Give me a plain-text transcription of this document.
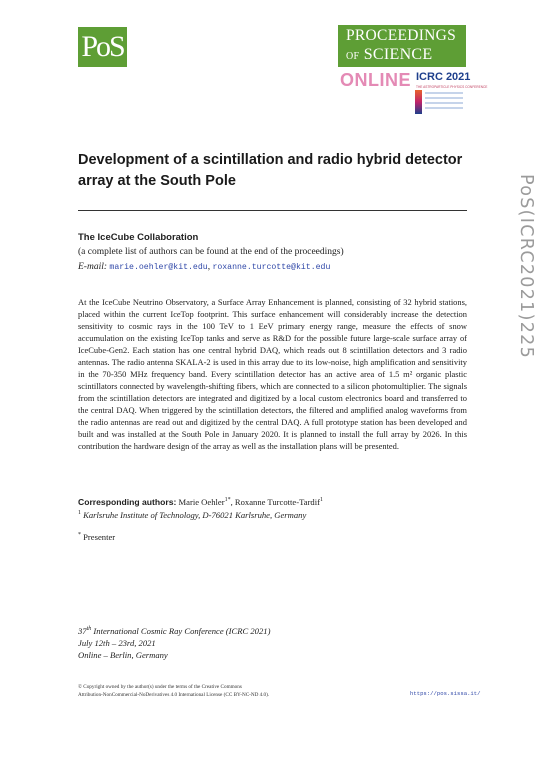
PoS	PROCEEDINGS
OF SCIENCE
ONLINE ICRC 2021
THE ASTROPARTICLE PHYSICS CONFERENCE
Development of a scintillation and radio hybrid detector array at the South Pole
The IceCube Collaboration
(a complete list of authors can be found at the end of the proceedings)
E-mail: marie.oehler@kit.edu, roxanne.turcotte@kit.edu

At the IceCube Neutrino Observatory, a Surface Array Enhancement is planned, consisting of 32 hybrid stations, placed within the current IceTop footprint. This surface enhancement will considerably increase the detection sensitivity to cosmic rays in the 100 TeV to 1 EeV primary energy range, measure the effects of snow accumulation on the existing IceTop tanks and serve as R&D for the possible future large-scale surface array of IceCube-Gen2. Each station has one central hybrid DAQ, which reads out 8 scintillation detectors and 3 radio antennas. The radio antenna SKALA-2 is used in this array due to its low-noise, high amplification and sensitivity in the 70-350 MHz frequency band. Every scintillation detector has an active area of 1.5 m² organic plastic scintillators connected by wavelength-shifting fibers, which are connected to a silicon photomultiplier. The signals from the scintillation detectors are integrated and digitized by a local custom electronics board and transferred to the central DAQ. When triggered by the scintillation detectors, the filtered and amplified analog waveforms from the radio antennas are read out and digitized by the central DAQ. A full prototype station has been developed and built and was installed at the South Pole in January 2020. It is planned to install the full array by 2026. In this contribution the hardware design of the array as well as the installation plans will be presented.

Corresponding authors: Marie Oehler$^{1*}$, Roxanne Turcotte-Tardif$^1$
$^1$ Karlsruhe Institute of Technology, D-76021 Karlsruhe, Germany
* Presenter
37th International Cosmic Ray Conference (ICRC 2021)
July 12th – 23rd, 2021
Online – Berlin, Germany
© Copyright owned by the author(s) under the terms of the Creative Commons
Attribution-NonCommercial-NoDerivatives 4.0 International License (CC BY-NC-ND 4.0).	https://pos.sissa.it/
PoS(ICRC2021)225
